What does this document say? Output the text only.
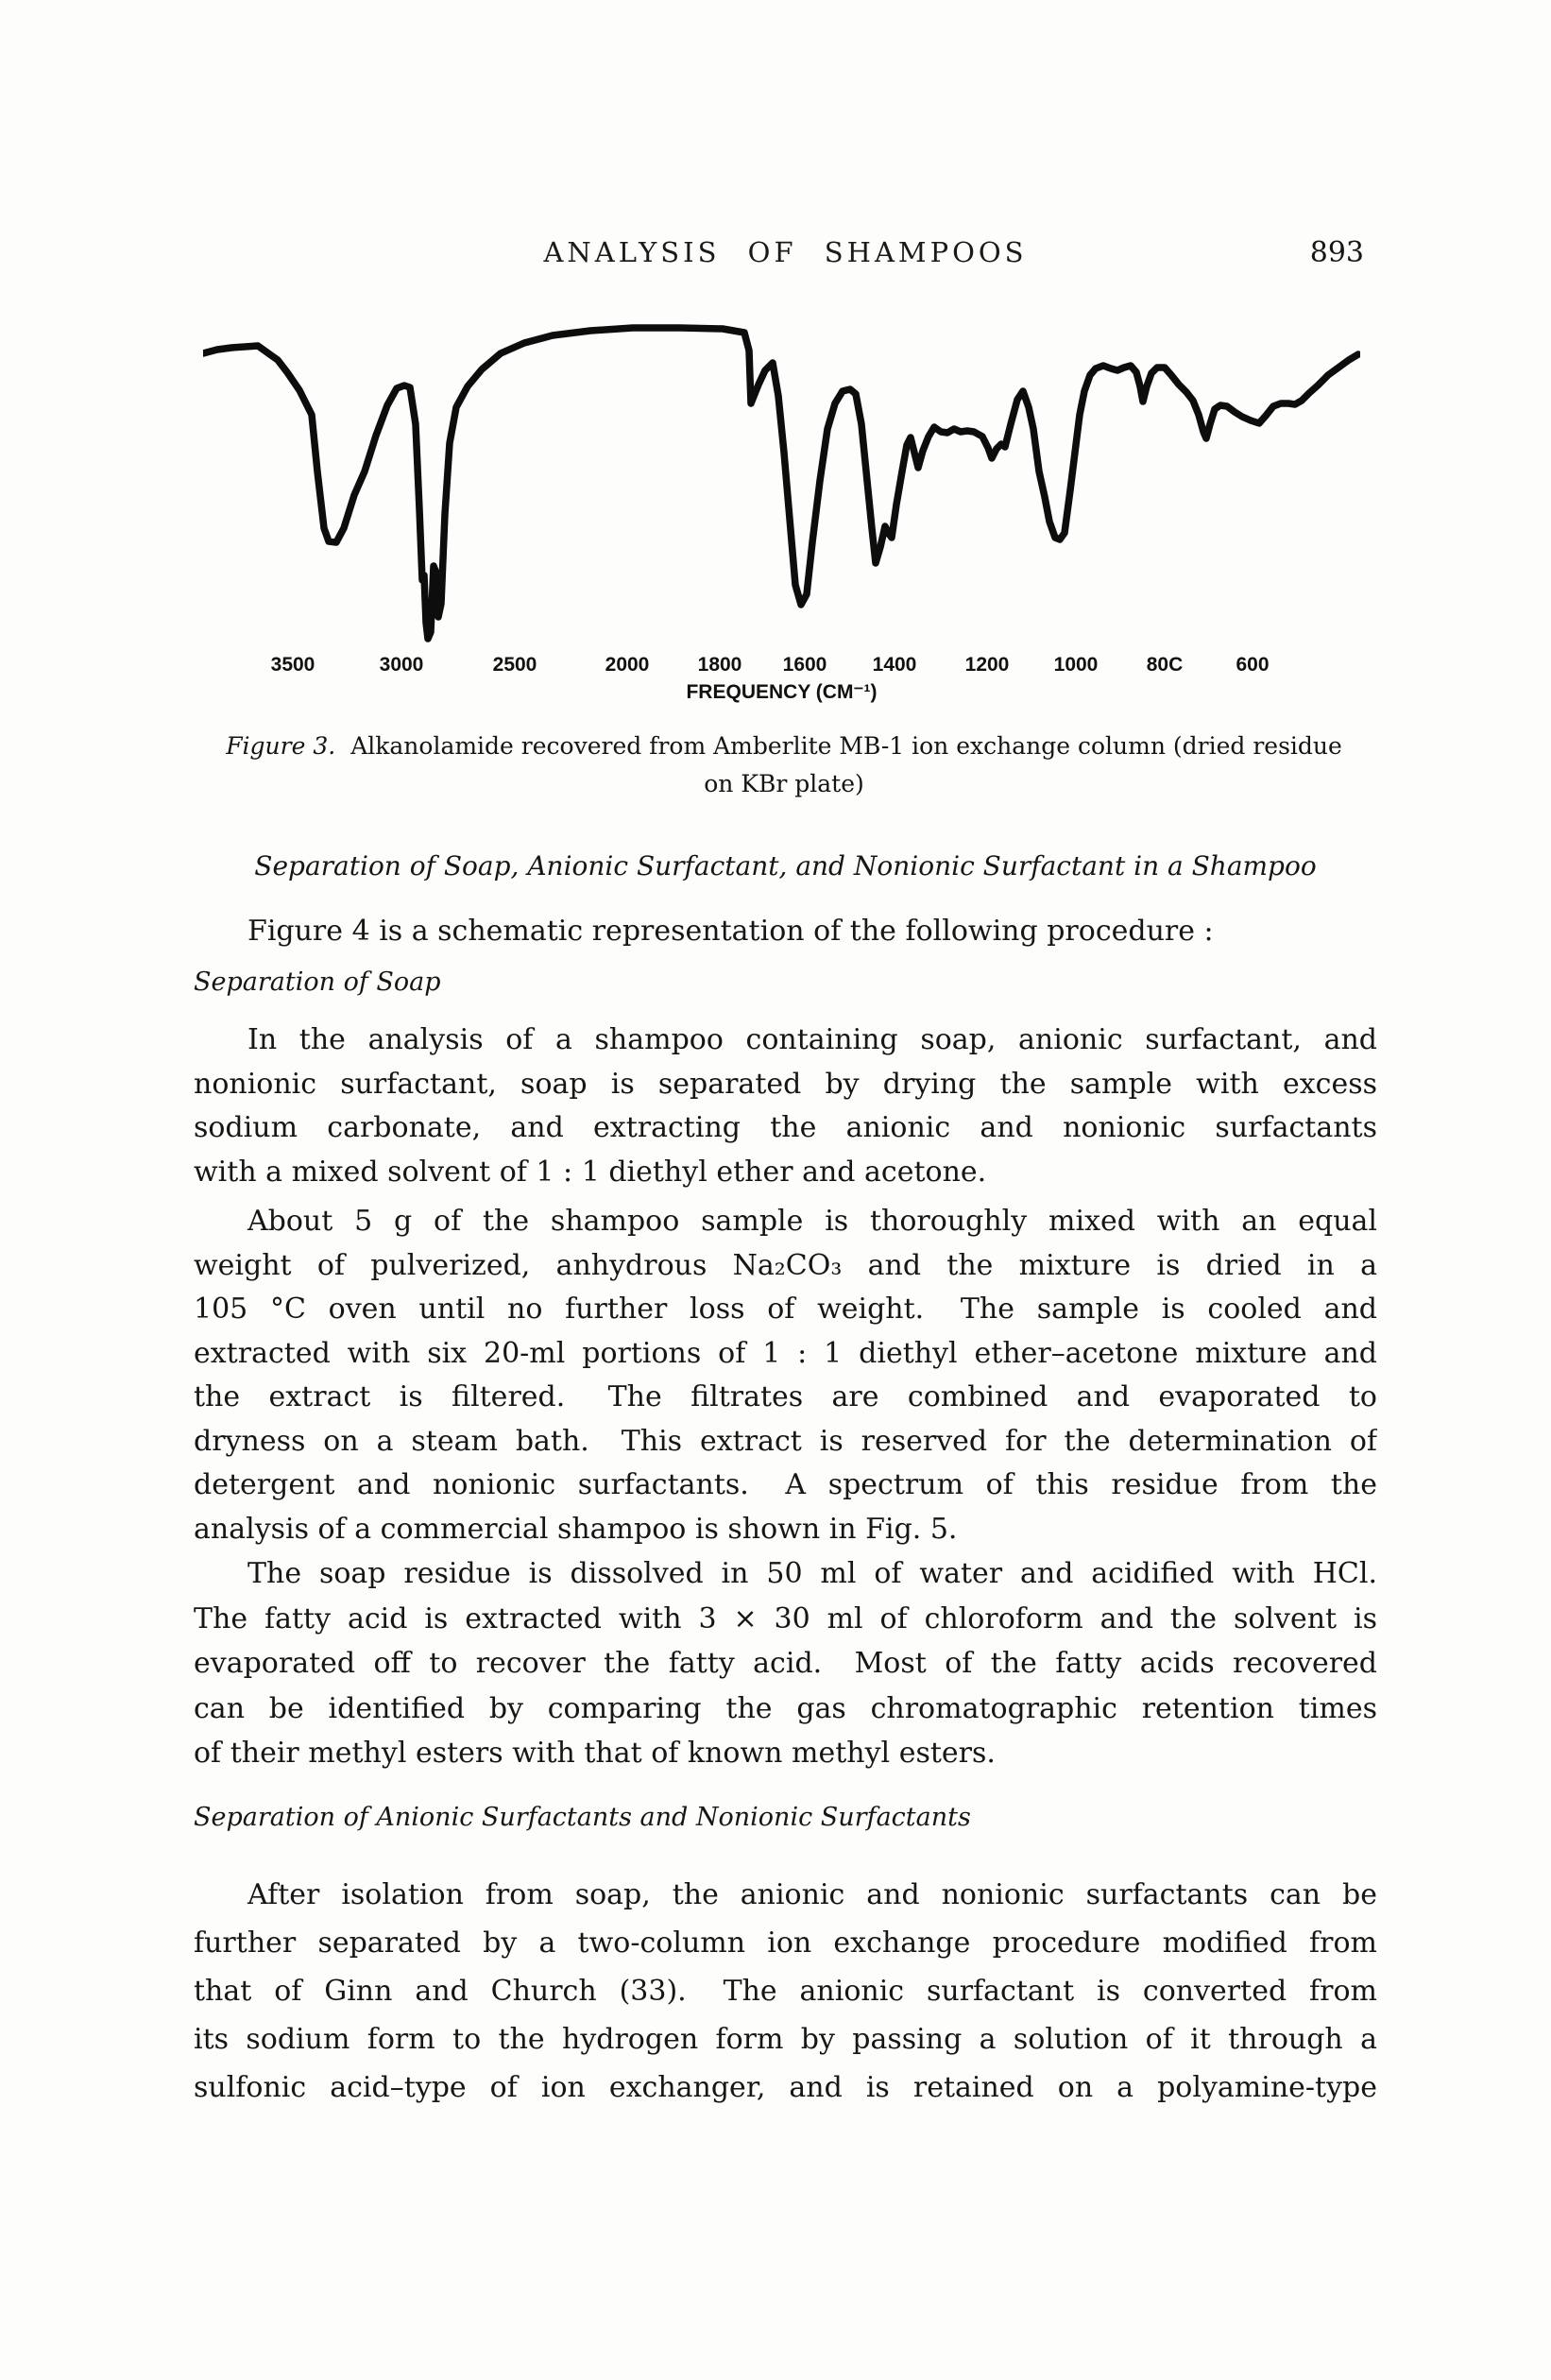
ANALYSIS OF SHAMPOOS	893
3500	3000	2500	2000 1800 1600 1400 1200 1000 80C	600
FREQUENCY (CM⁻¹)
Figure 3. Alkanolamide recovered from Amberlite MB-1 ion exchange column (dried residue
on KBr plate)
Separation of Soap, Anionic Surfactant, and Nonionic Surfactant in a Shampoo
Figure 4 is a schematic representation of the following procedure :
Separation of Soap
In the analysis of a shampoo containing soap, anionic surfactant, and
nonionic surfactant, soap is separated by drying the sample with excess
sodium carbonate, and extracting the anionic and nonionic surfactants
with a mixed solvent of 1 : 1 diethyl ether and acetone.
About 5 g of the shampoo sample is thoroughly mixed with an equal
weight of pulverized, anhydrous Na₂CO₃ and the mixture is dried in a
105 °C oven until no further loss of weight.  The sample is cooled and
extracted with six 20-ml portions of 1 : 1 diethyl ether–acetone mixture and
the extract is filtered.  The filtrates are combined and evaporated to
dryness on a steam bath.  This extract is reserved for the determination of
detergent and nonionic surfactants.  A spectrum of this residue from the
analysis of a commercial shampoo is shown in Fig. 5.
The soap residue is dissolved in 50 ml of water and acidified with HCl.
The fatty acid is extracted with 3 × 30 ml of chloroform and the solvent is
evaporated off to recover the fatty acid.  Most of the fatty acids recovered
can be identified by comparing the gas chromatographic retention times
of their methyl esters with that of known methyl esters.
Separation of Anionic Surfactants and Nonionic Surfactants
After isolation from soap, the anionic and nonionic surfactants can be
further separated by a two-column ion exchange procedure modified from
that of Ginn and Church (33).  The anionic surfactant is converted from
its sodium form to the hydrogen form by passing a solution of it through a
sulfonic acid–type of ion exchanger, and is retained on a polyamine-type
